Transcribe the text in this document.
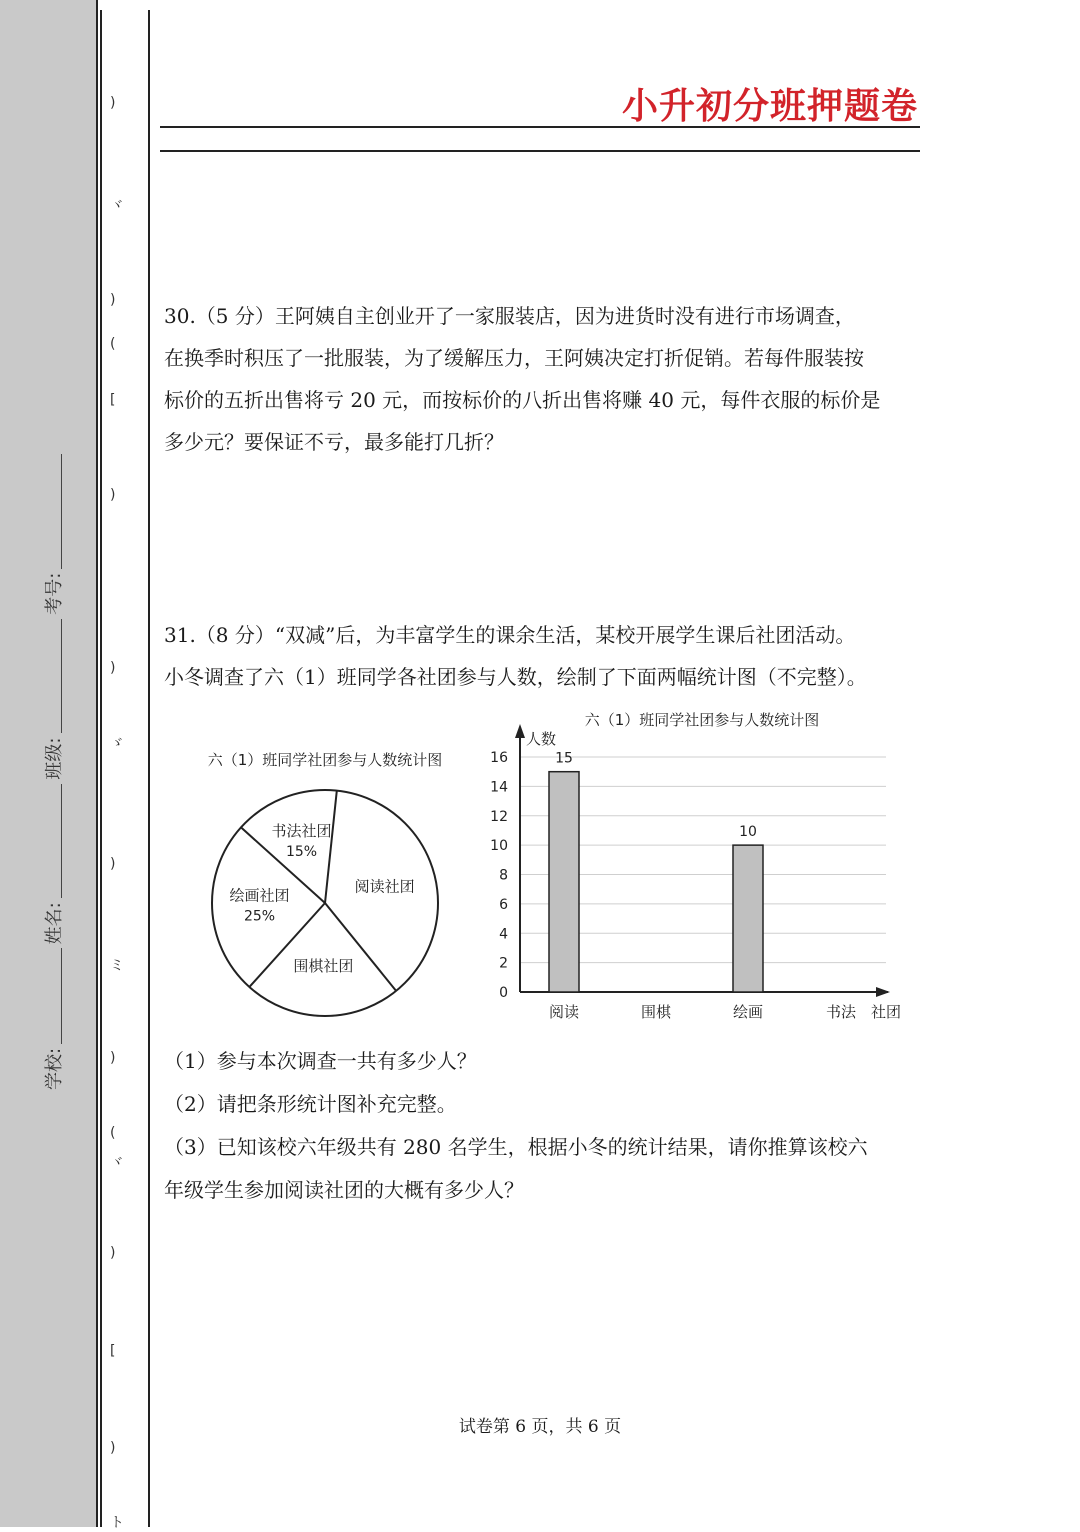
)
ヾ
)
(
[
)
)
ゞ
)
ミ
)
(
ヾ
)
[
)
ト
学校:
姓名:
班级:
考号:
小升初分班押题卷

30.（5 分）王阿姨自主创业开了一家服装店，因为进货时没有进行市场调查，

在换季时积压了一批服装，为了缓解压力，王阿姨决定打折促销。若每件服装按

标价的五折出售将亏 20 元，而按标价的八折出售将赚 40 元，每件衣服的标价是

多少元？要保证不亏，最多能打几折？

31.（8 分）“双减”后，为丰富学生的课余生活，某校开展学生课后社团活动。

小冬调查了六（1）班同学各社团参与人数，绘制了下面两幅统计图（不完整）。

六（1）班同学社团参与人数统计图
书法社团
15%
绘画社团
25%
围棋社团
阅读社团
六（1）班同学社团参与人数统计图
0
2
4
6
8
10
12
14
16
人数
社团
阅读
15
围棋	绘画
10
书法

（1）参与本次调查一共有多少人？

（2）请把条形统计图补充完整。

（3）已知该校六年级共有 280 名学生，根据小冬的统计结果，请你推算该校六

年级学生参加阅读社团的大概有多少人？

试卷第 6 页，共 6 页
